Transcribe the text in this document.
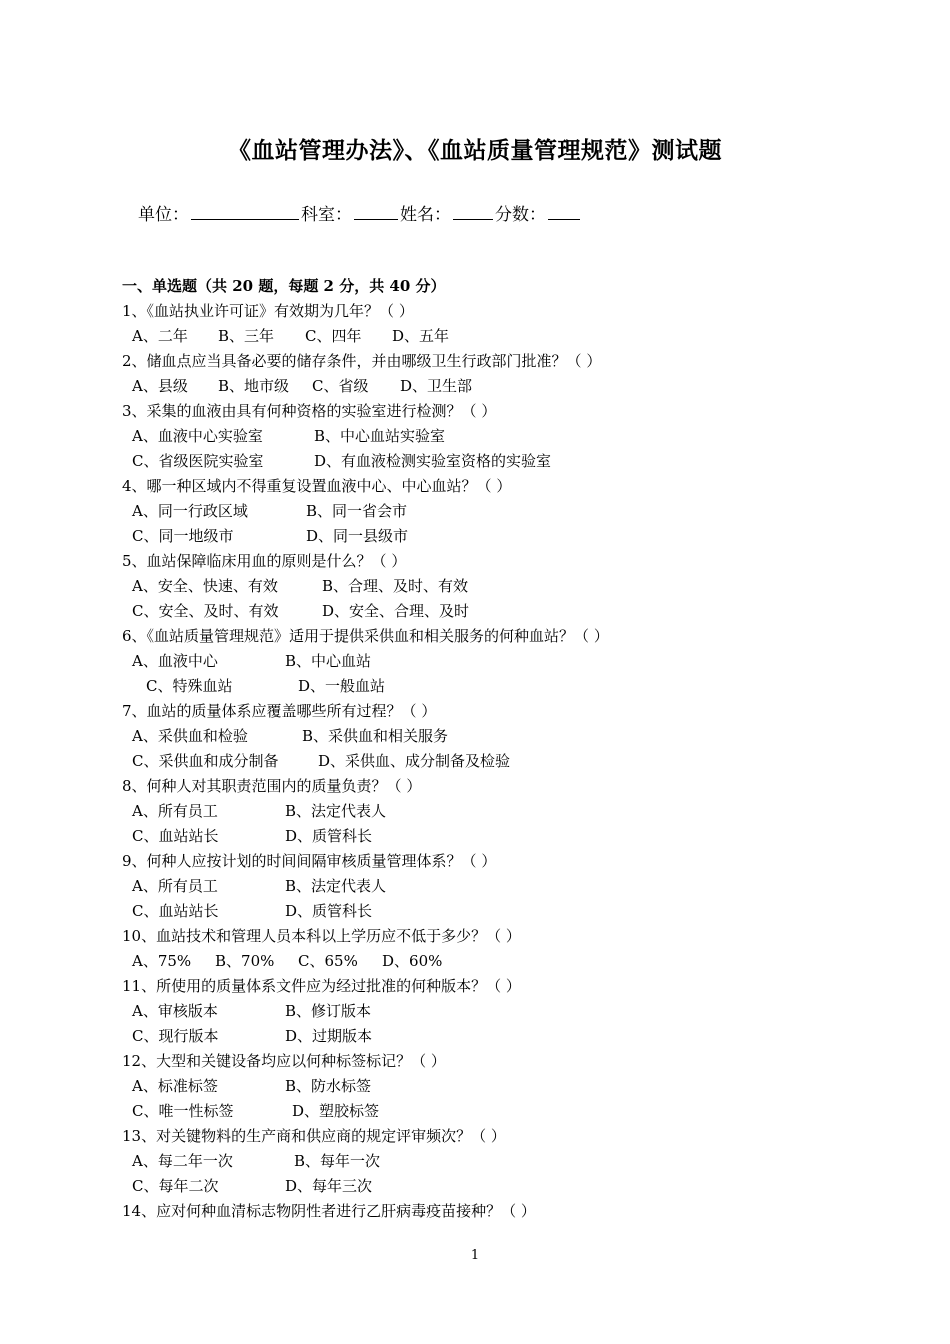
《血站管理办法》、《血站质量管理规范》测试题
单位：	科室：	姓名：	分数：
一、单选题（共 20 题，每题 2 分，共 40 分）
1、《血站执业许可证》有效期为几年？（ ）
A、二年 B、三年 C、四年 D、五年
2、储血点应当具备必要的储存条件，并由哪级卫生行政部门批准？（ ）
A、县级 B、地市级 C、省级 D、卫生部
3、采集的血液由具有何种资格的实验室进行检测？（ ）
A、血液中心实验室	B、中心血站实验室
C、省级医院实验室	D、有血液检测实验室资格的实验室
4、哪一种区域内不得重复设置血液中心、中心血站？（ ）
A、同一行政区域	B、同一省会市
C、同一地级市	D、同一县级市
5、血站保障临床用血的原则是什么？（ ）
A、安全、快速、有效	B、合理、及时、有效
C、安全、及时、有效	D、安全、合理、及时
6、《血站质量管理规范》适用于提供采供血和相关服务的何种血站？（ ）
A、血液中心	B、中心血站
C、特殊血站	D、一般血站
7、血站的质量体系应覆盖哪些所有过程？（ ）
A、采供血和检验	B、采供血和相关服务
C、采供血和成分制备	D、采供血、成分制备及检验
8、何种人对其职责范围内的质量负责？（ ）
A、所有员工	B、法定代表人
C、血站站长	D、质管科长
9、何种人应按计划的时间间隔审核质量管理体系？（ ）
A、所有员工	B、法定代表人
C、血站站长	D、质管科长
10、血站技术和管理人员本科以上学历应不低于多少？（ ）
A、75% B、70% C、65% D、60%
11、所使用的质量体系文件应为经过批准的何种版本？（ ）
A、审核版本	B、修订版本
C、现行版本	D、过期版本
12、大型和关键设备均应以何种标签标记？（ ）
A、标准标签	B、防水标签
C、唯一性标签	D、塑胶标签
13、对关键物料的生产商和供应商的规定评审频次？（ ）
A、每二年一次	B、每年一次
C、每年二次	D、每年三次
14、应对何种血清标志物阴性者进行乙肝病毒疫苗接种？（ ）
1
